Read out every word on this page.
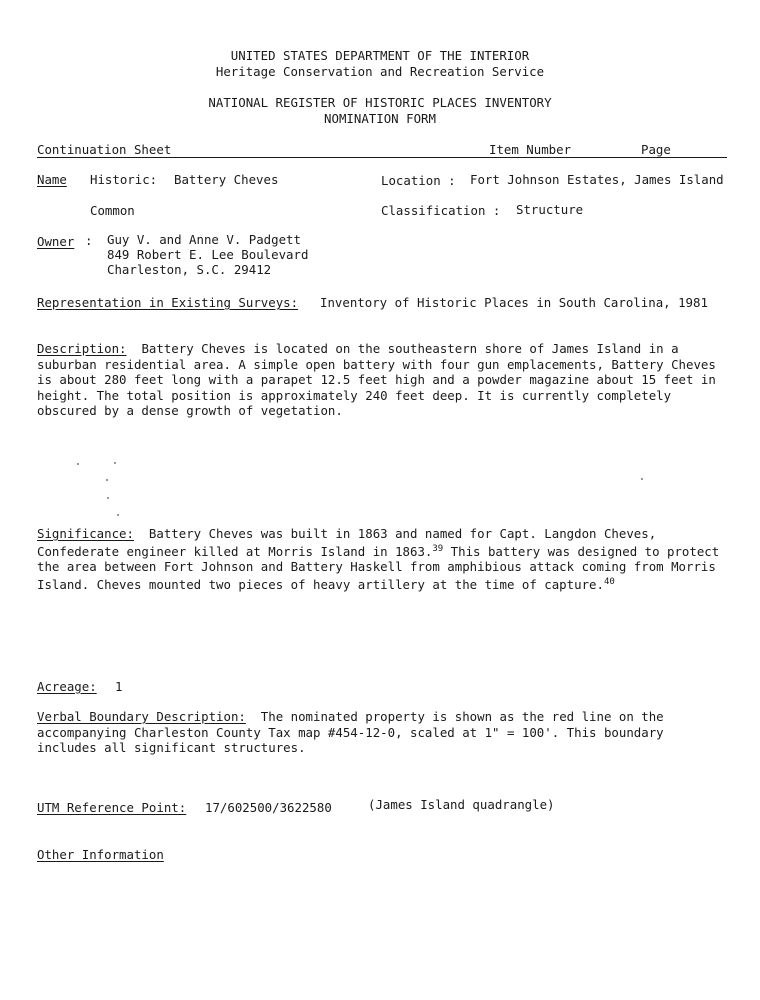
UNITED STATES DEPARTMENT OF THE INTERIOR
Heritage Conservation and Recreation Service
NATIONAL REGISTER OF HISTORIC PLACES INVENTORY
NOMINATION FORM
Continuation Sheet	Item Number	Page
Name Historic: Battery Cheves	Location : Fort Johnson Estates, James Island
Common	Classification : Structure
Owner : Guy V. and Anne V. Padgett
849 Robert E. Lee Boulevard
Charleston, S.C. 29412
Representation in Existing Surveys: Inventory of Historic Places in South Carolina, 1981
Description: Battery Cheves is located on the southeastern shore of James Island in a suburban residential area. A simple open battery with four gun emplacements, Battery Cheves is about 280 feet long with a parapet 12.5 feet high and a powder magazine about 15 feet in height. The total position is approximately 240 feet deep. It is currently completely obscured by a dense growth of vegetation.
Significance: Battery Cheves was built in 1863 and named for Capt. Langdon Cheves, Confederate engineer killed at Morris Island in 1863.39 This battery was designed to protect the area between Fort Johnson and Battery Haskell from amphibious attack coming from Morris Island. Cheves mounted two pieces of heavy artillery at the time of capture.$^{40}$
Acreage: 1
Verbal Boundary Description: The nominated property is shown as the red line on the accompanying Charleston County Tax map #454-12-0, scaled at 1" = 100'. This boundary includes all significant structures.
UTM Reference Point: 17/602500/3622580	(James Island quadrangle)
Other Information
